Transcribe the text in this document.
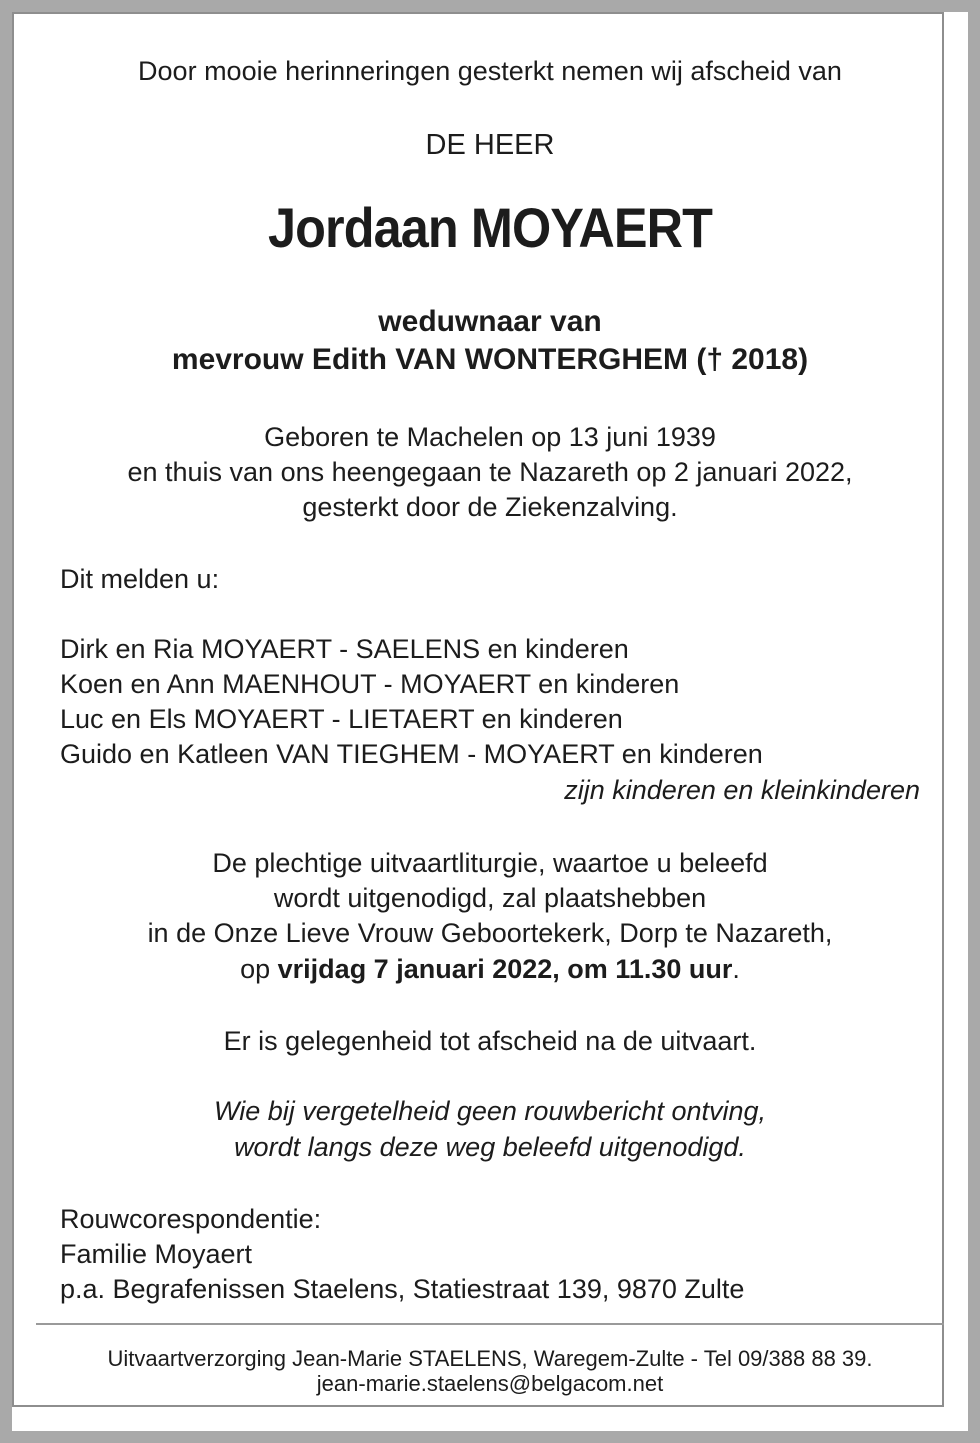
Door mooie herinneringen gesterkt nemen wij afscheid van
DE HEER
Jordaan MOYAERT
weduwnaar van
mevrouw Edith VAN WONTERGHEM († 2018)
Geboren te Machelen op 13 juni 1939
en thuis van ons heengegaan te Nazareth op 2 januari 2022,
gesterkt door de Ziekenzalving.
Dit melden u:
Dirk en Ria MOYAERT - SAELENS en kinderen
Koen en Ann MAENHOUT - MOYAERT en kinderen
Luc en Els MOYAERT - LIETAERT en kinderen
Guido en Katleen VAN TIEGHEM - MOYAERT en kinderen
zijn kinderen en kleinkinderen
De plechtige uitvaartliturgie, waartoe u beleefd
wordt uitgenodigd, zal plaatshebben
in de Onze Lieve Vrouw Geboortekerk, Dorp te Nazareth,
op vrijdag 7 januari 2022, om 11.30 uur.
Er is gelegenheid tot afscheid na de uitvaart.
Wie bij vergetelheid geen rouwbericht ontving,
wordt langs deze weg beleefd uitgenodigd.
Rouwcorespondentie:
Familie Moyaert
p.a. Begrafenissen Staelens, Statiestraat 139, 9870 Zulte
Uitvaartverzorging Jean-Marie STAELENS, Waregem-Zulte - Tel 09/388 88 39.
jean-marie.staelens@belgacom.net
